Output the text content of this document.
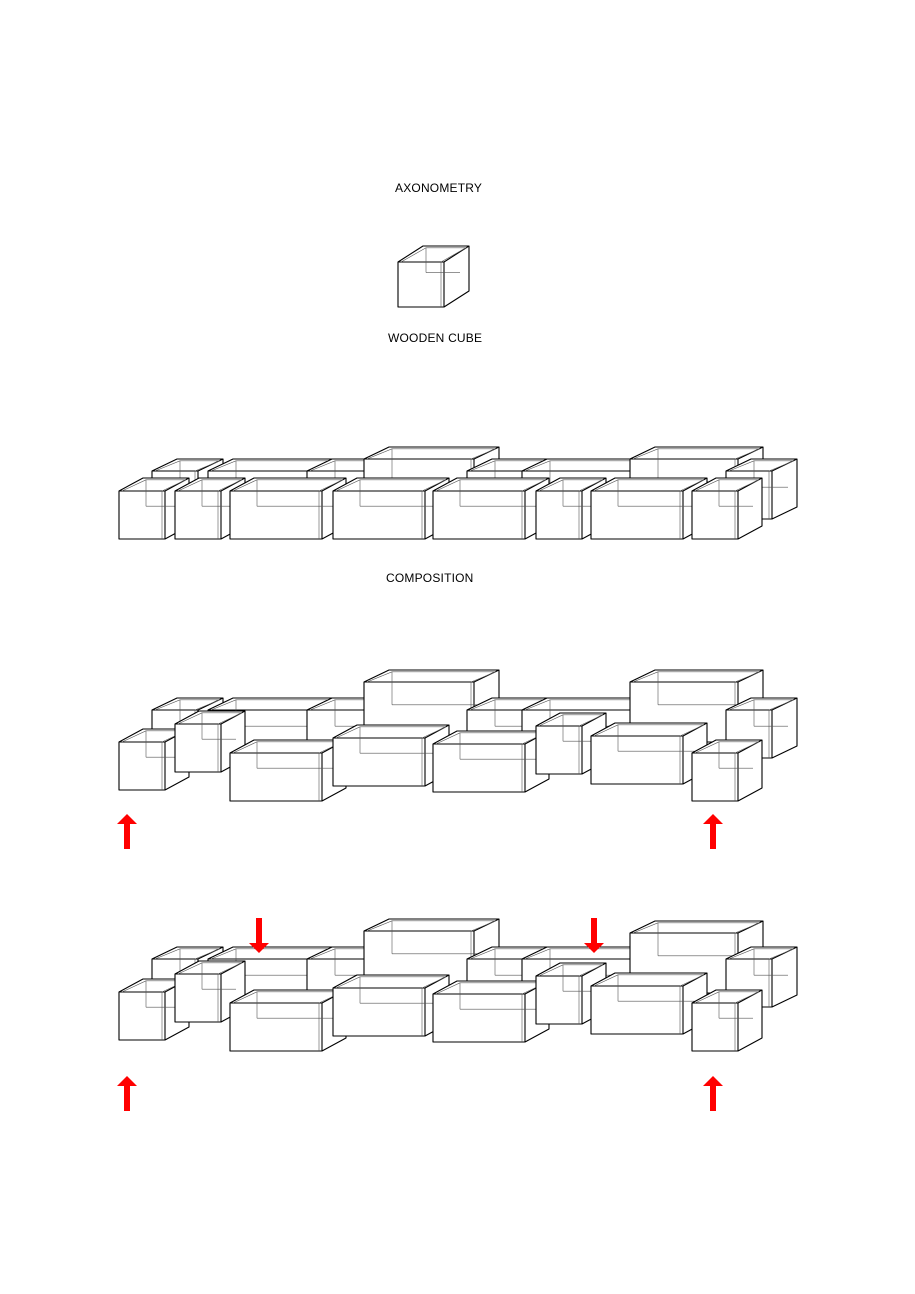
AXONOMETRY
WOODEN CUBE
COMPOSITION
